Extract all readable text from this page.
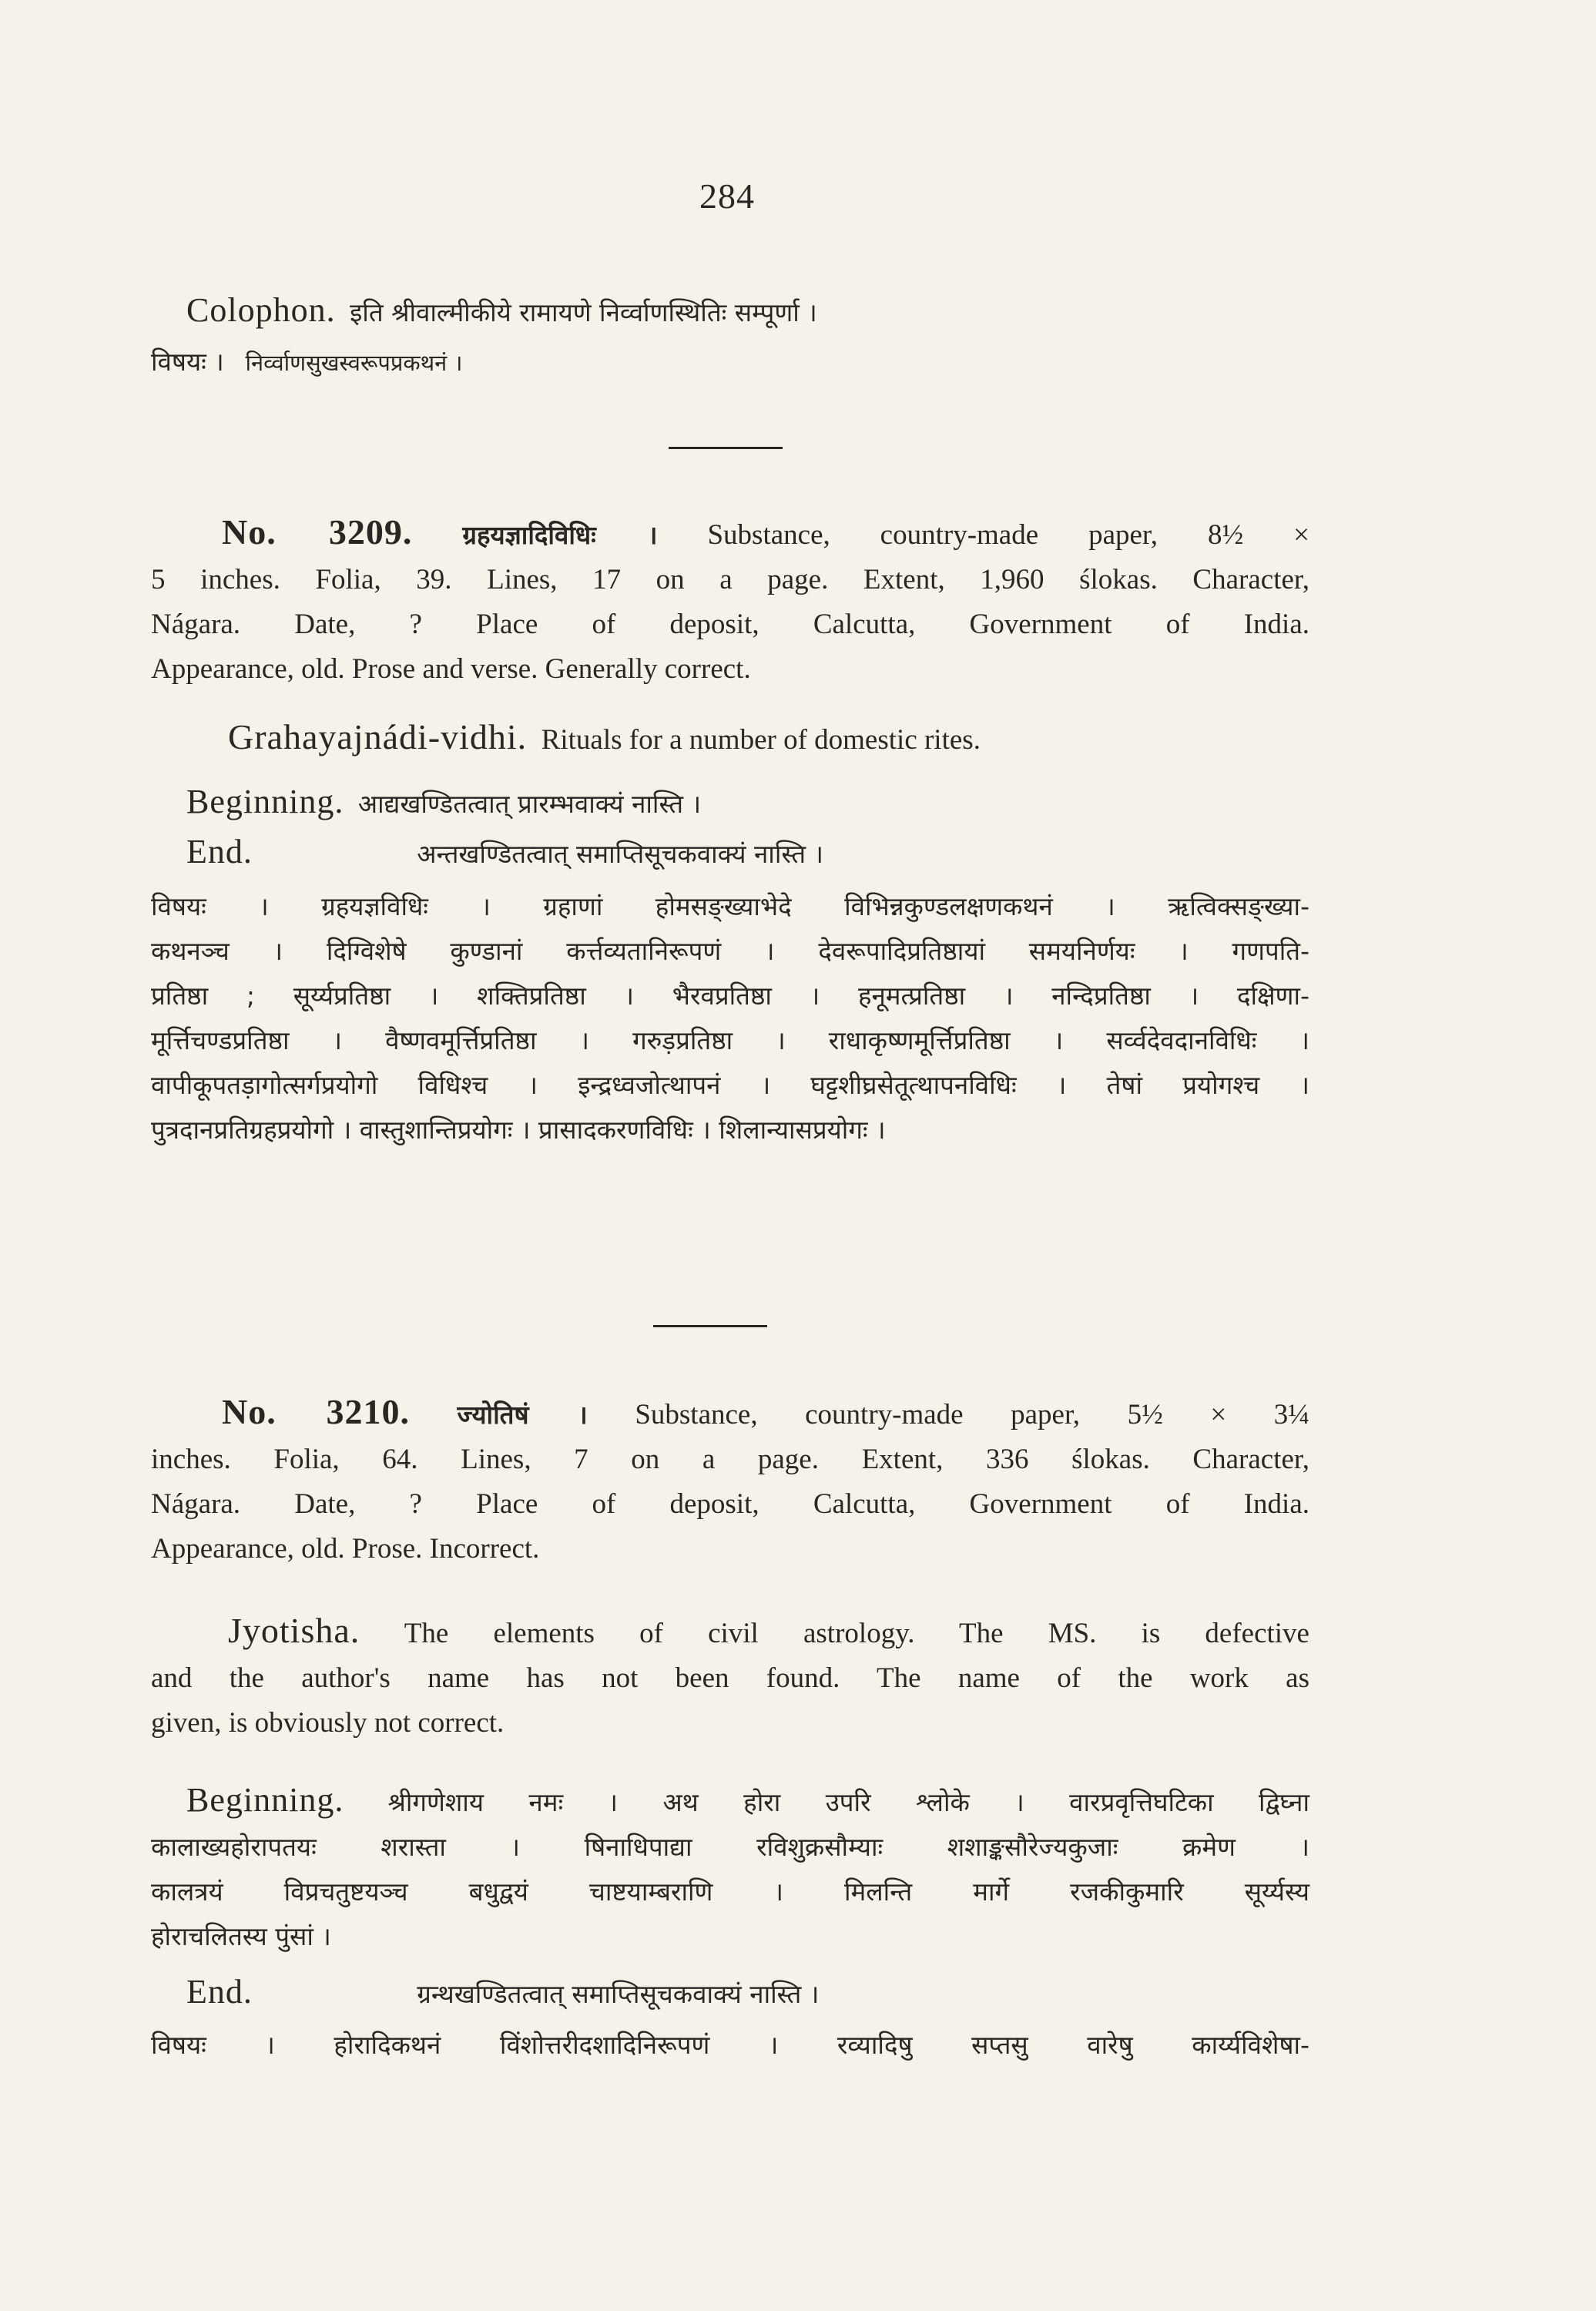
284
Colophon. इति श्रीवाल्मीकीये रामायणे निर्व्वाणस्थितिः सम्पूर्णा ।
विषयः । निर्व्वाणसुखस्वरूपप्रकथनं ।
No. 3209. ग्रहयज्ञादिविधिः । Substance, country-made paper, 8½ ×
5 inches. Folia, 39. Lines, 17 on a page. Extent, 1,960 ślokas. Character,
Nágara. Date, ? Place of deposit, Calcutta, Government of India.
Appearance, old. Prose and verse. Generally correct.
Grahayajnádi-vidhi. Rituals for a number of domestic rites.
Beginning. आद्यखण्डितत्वात् प्रारम्भवाक्यं नास्ति ।
End.	अन्तखण्डितत्वात् समाप्तिसूचकवाक्यं नास्ति ।
विषयः । ग्रहयज्ञविधिः । ग्रहाणां होमसङ्ख्याभेदे विभिन्नकुण्डलक्षणकथनं । ऋत्विक्सङ्ख्या-
कथनञ्च । दिग्विशेषे कुण्डानां कर्त्तव्यतानिरूपणं । देवरूपादिप्रतिष्ठायां समयनिर्णयः । गणपति-
प्रतिष्ठा ; सूर्य्यप्रतिष्ठा । शक्तिप्रतिष्ठा । भैरवप्रतिष्ठा । हनूमत्प्रतिष्ठा । नन्दिप्रतिष्ठा । दक्षिणा-
मूर्त्तिचण्डप्रतिष्ठा । वैष्णवमूर्त्तिप्रतिष्ठा । गरुड़प्रतिष्ठा । राधाकृष्णमूर्त्तिप्रतिष्ठा । सर्व्वदेवदानविधिः ।
वापीकूपतड़ागोत्सर्गप्रयोगो विधिश्च । इन्द्रध्वजोत्थापनं । घट्टशीघ्रसेतूत्थापनविधिः । तेषां प्रयोगश्च ।
पुत्रदानप्रतिग्रहप्रयोगो । वास्तुशान्तिप्रयोगः । प्रासादकरणविधिः । शिलान्यासप्रयोगः ।
No. 3210. ज्योतिषं । Substance, country-made paper, 5½ × 3¼
inches. Folia, 64. Lines, 7 on a page. Extent, 336 ślokas. Character,
Nágara. Date, ? Place of deposit, Calcutta, Government of India.
Appearance, old. Prose. Incorrect.
Jyotisha. The elements of civil astrology. The MS. is defective
and the author's name has not been found. The name of the work as
given, is obviously not correct.
Beginning. श्रीगणेशाय नमः । अथ होरा उपरि श्लोके । वारप्रवृत्तिघटिका द्विघ्ना
कालाख्यहोरापतयः शरास्ता । षिनाधिपाद्या रविशुक्रसौम्याः शशाङ्कसौरेज्यकुजाः क्रमेण ।
कालत्रयं विप्रचतुष्टयञ्च बधुद्वयं चाष्टयाम्बराणि । मिलन्ति मार्गे रजकीकुमारि सूर्य्यस्य
होराचलितस्य पुंसां ।
End.	ग्रन्थखण्डितत्वात् समाप्तिसूचकवाक्यं नास्ति ।
विषयः । होरादिकथनं विंशोत्तरीदशादिनिरूपणं । रव्यादिषु सप्तसु वारेषु कार्य्यविशेषा-
